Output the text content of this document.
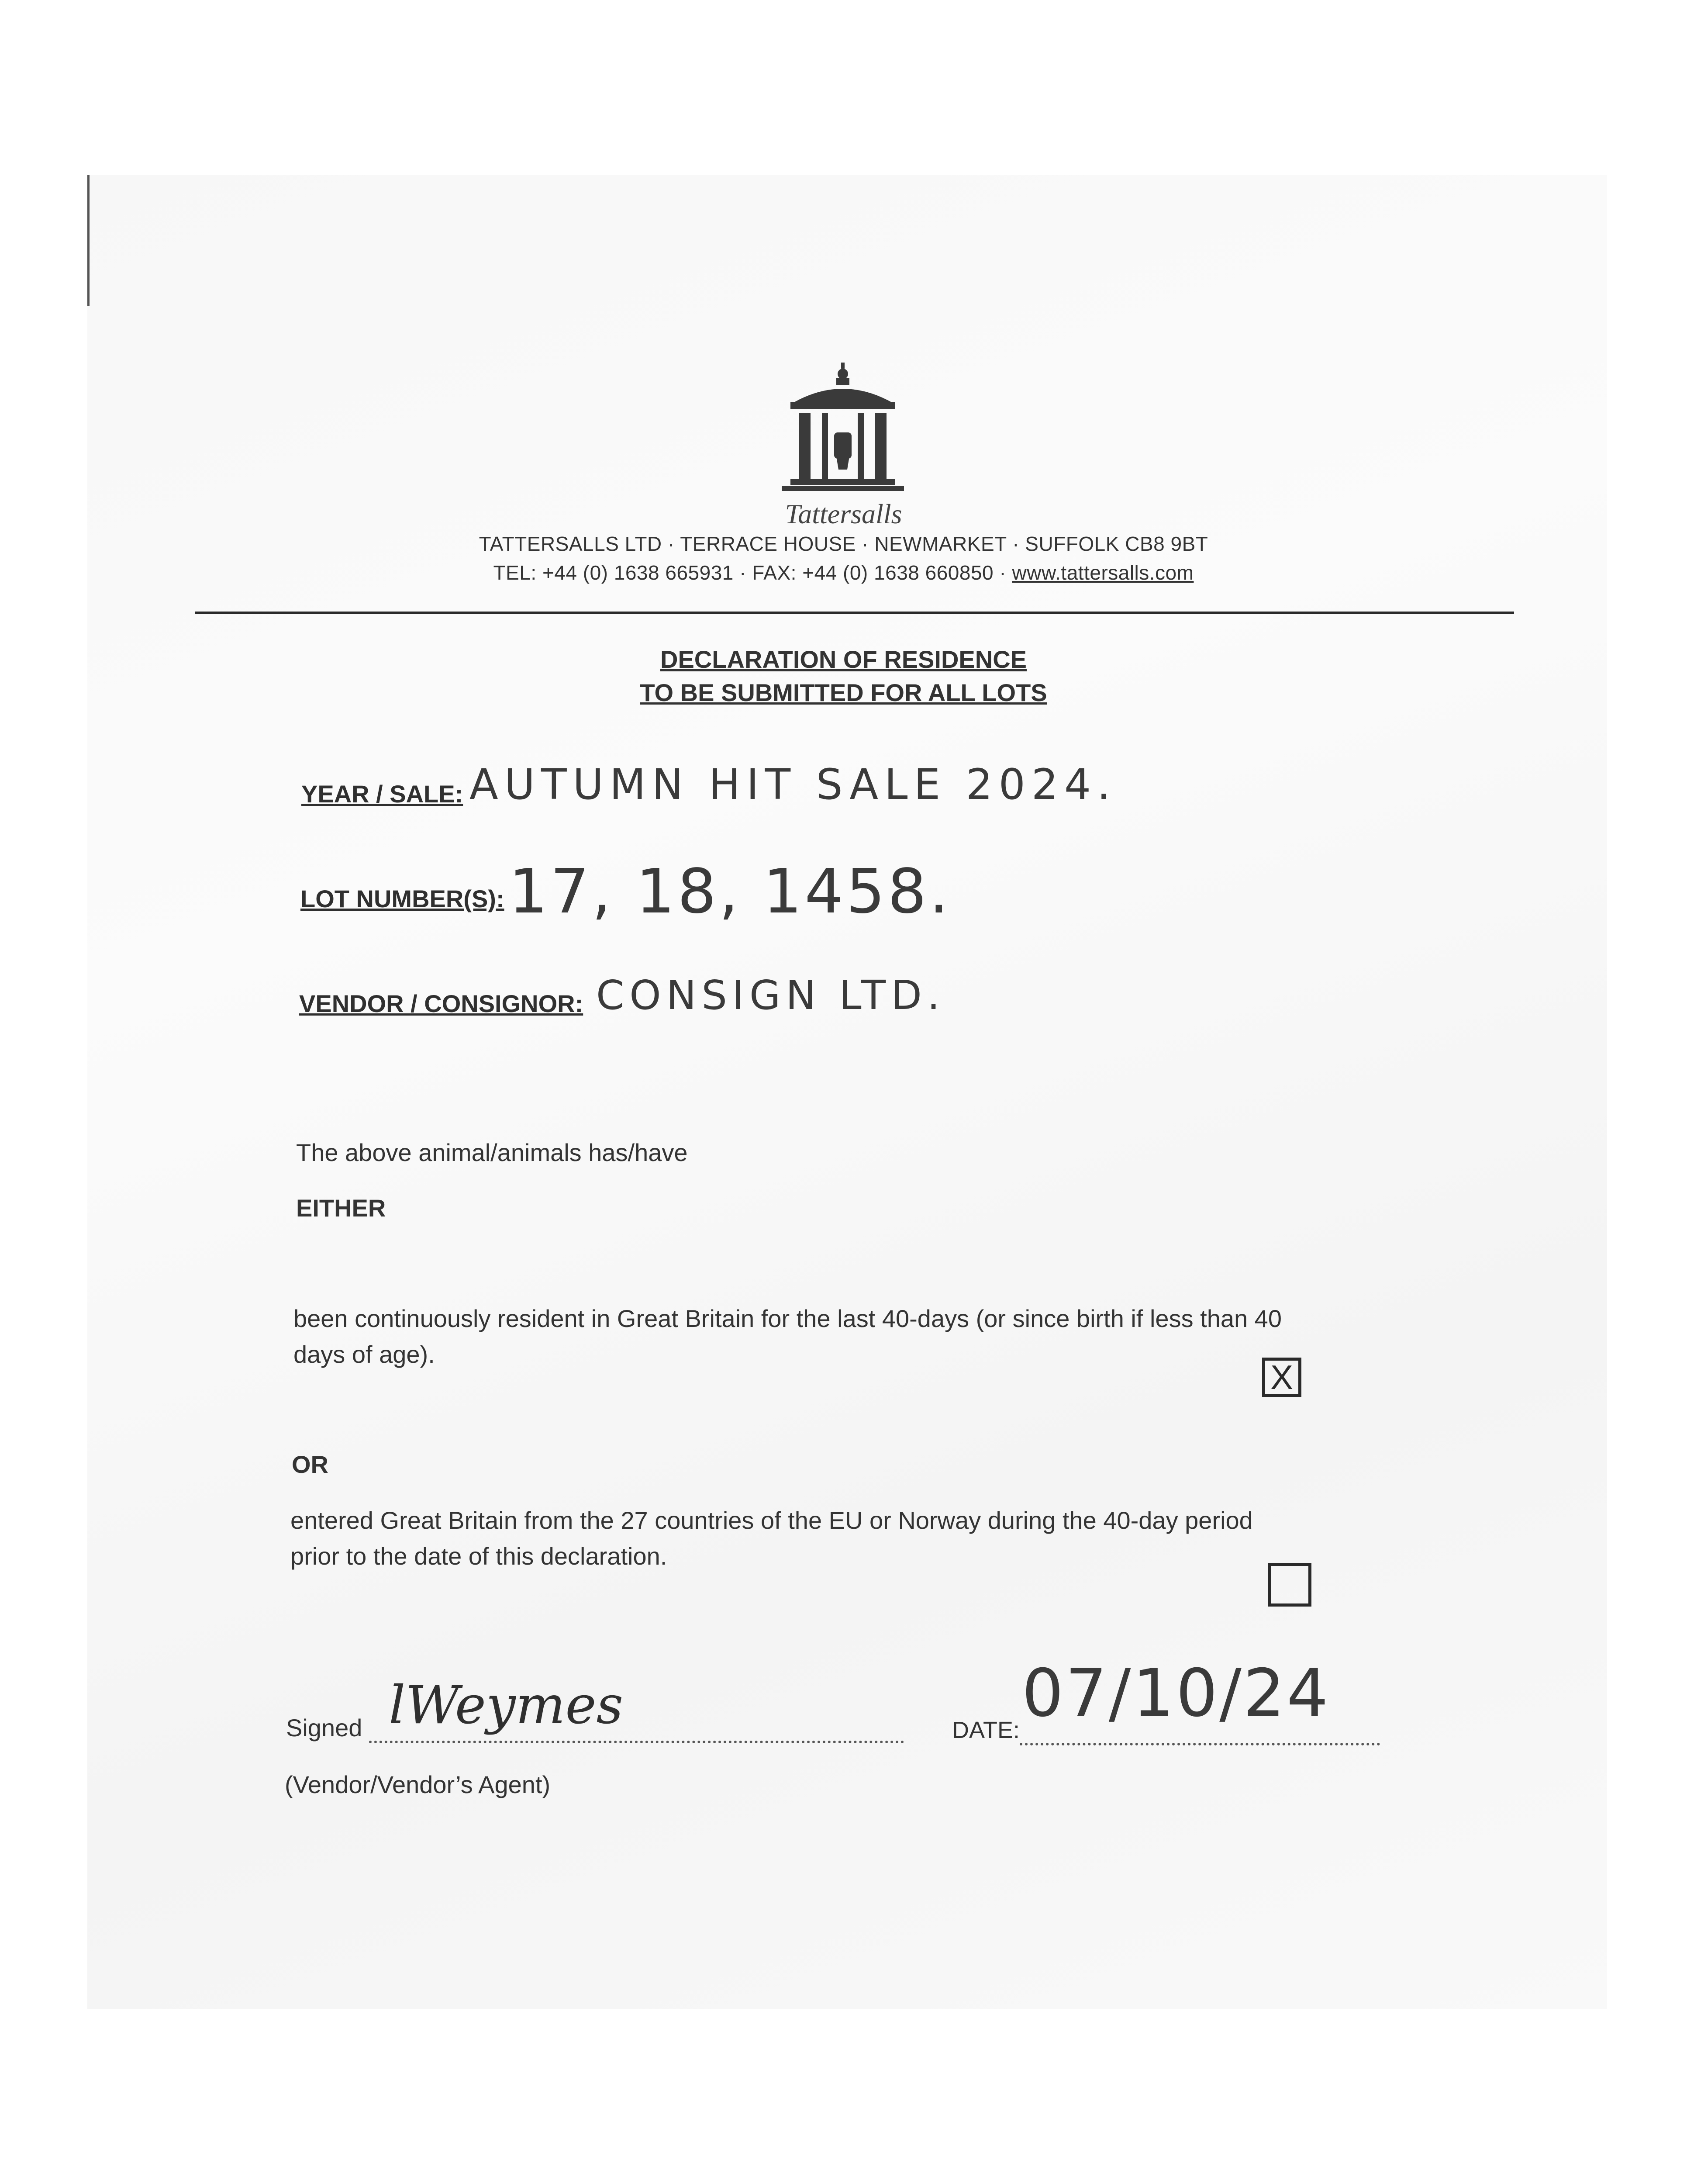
Tattersalls
TATTERSALLS LTD · TERRACE HOUSE · NEWMARKET · SUFFOLK CB8 9BT
TEL: +44 (0) 1638 665931 · FAX: +44 (0) 1638 660850 · www.tattersalls.com
DECLARATION OF RESIDENCE
TO BE SUBMITTED FOR ALL LOTS
YEAR / SALE: AUTUMN HIT SALE 2024.
LOT NUMBER(S): 17, 18, 1458.
VENDOR / CONSIGNOR: CONSIGN LTD.
The above animal/animals has/have
EITHER
been continuously resident in Great Britain for the last 40-days (or since birth if less than 40
days of age).
X
OR
entered Great Britain from the 27 countries of the EU or Norway during the 40-day period
prior to the date of this declaration.
Signed lWeymes
(Vendor/Vendor’s Agent)
DATE: 07/10/24
